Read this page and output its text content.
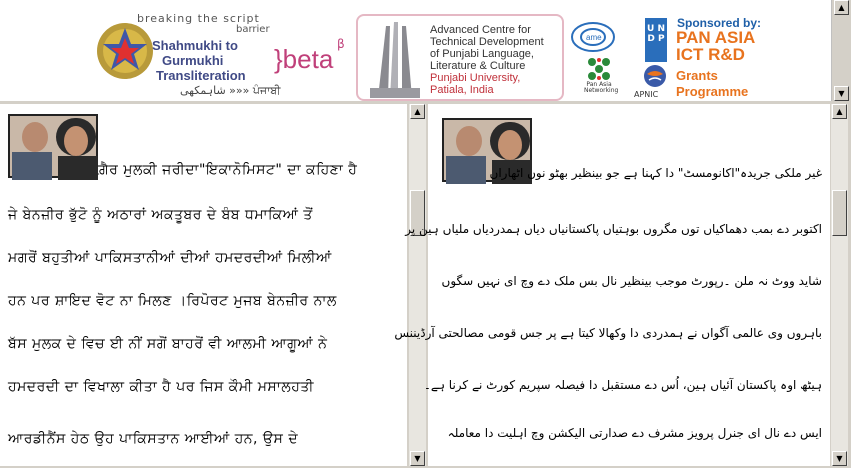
breaking the script
barrier
Shahmukhi to
Gurmukhi
Transliteration
}beta β
شاہمکھی »»» ਪੰਜਾਬੀ
Advanced Centre for
Technical Development
of Punjabi Language,
Literature & Culture
Punjabi University,
Patiala, India
ame
U N
D P
Pan Asia Networking APNIC
Sponsored by:
PAN ASIA
ICT R&D
Grants
Programme
▲
▼
ਗ਼ੈਰ ਮੁਲਕੀ ਜਰੀਦਾ"ਇਕਾਨੋਮਿਸਟ" ਦਾ ਕਹਿਣਾ ਹੈ
ਜੇ ਬੇਨਜ਼ੀਰ ਭੁੱਟੋ ਨੂੰ ਅਠਾਰਾਂ ਅਕਤੂਬਰ ਦੇ ਬੰਬ ਧਮਾਕਿਆਂ ਤੋਂ
ਮਗਰੋਂ ਬਹੁਤੀਆਂ ਪਾਕਿਸਤਾਨੀਆਂ ਦੀਆਂ ਹਮਦਰਦੀਆਂ ਮਿਲੀਆਂ
ਹਨ ਪਰ ਸ਼ਾਇਦ ਵੋਟ ਨਾ ਮਿਲਣ ।ਰਿਪੋਰਟ ਮੁਜਬ ਬੇਨਜ਼ੀਰ ਨਾਲ
ਬੱਸ ਮੁਲਕ ਦੇ ਵਿਚ ਈ ਨੀਂ ਸਗੋਂ ਬਾਹਰੋਂ ਵੀ ਆਲਮੀ ਆਗੂਆਂ ਨੇ
ਹਮਦਰਦੀ ਦਾ ਵਿਖਾਲਾ ਕੀਤਾ ਹੈ ਪਰ ਜਿਸ ਕੌਮੀ ਮਸਾਲਹਤੀ
ਆਰਡੀਨੈਂਸ ਹੇਠ ਉਹ ਪਾਕਿਸਤਾਨ ਆਈਆਂ ਹਨ, ਉਸ ਦੇ
▲
▼
غیر ملکی جریدہ"اکانومسٹ" دا کہنا ہے جو بینظیر بھٹو نوں اٹھاراں
اکتوبر دے بمب دھماکیاں توں مگروں بوہتیاں پاکستانیاں دیاں ہمدردیاں ملیاں ہین پر
شاید ووٹ نہ ملن ۔رپورٹ موجب بینظیر نال بس ملک دے وچ ای نہیں سگوں
باہروں وی عالمی آگواں نے ہمدردی دا وکھالا کیتا ہے پر جس قومی مصالحتی آرڈیننس
ہیٹھ اوہ پاکستان آئیاں ہین، اُس دے مستقبل دا فیصلہ سپریم کورٹ نے کرنا ہے۔
ایس دے نال ای جنرل پرویز مشرف دے صدارتی الیکشن وچ اہلیت دا معاملہ
▲
▼
